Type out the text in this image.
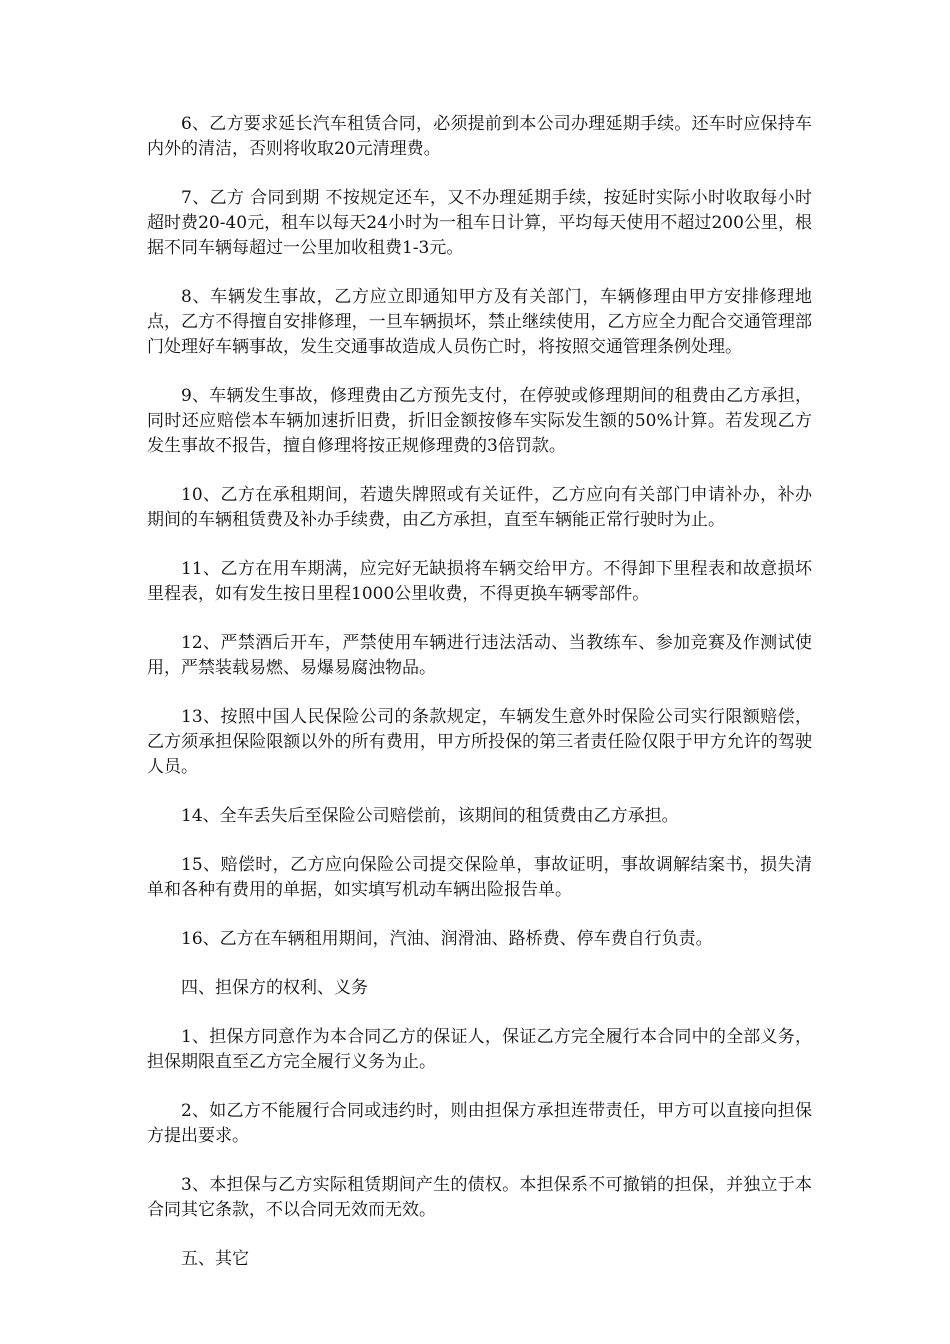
6、乙方要求延长汽车租赁合同，必须提前到本公司办理延期手续。还车时应保持车内外的清洁，否则将收取20元清理费。

7、乙方 合同到期 不按规定还车，又不办理延期手续，按延时实际小时收取每小时超时费20-40元，租车以每天24小时为一租车日计算，平均每天使用不超过200公里，根据不同车辆每超过一公里加收租费1-3元。

8、车辆发生事故，乙方应立即通知甲方及有关部门，车辆修理由甲方安排修理地点，乙方不得擅自安排修理，一旦车辆损坏，禁止继续使用，乙方应全力配合交通管理部门处理好车辆事故，发生交通事故造成人员伤亡时，将按照交通管理条例处理。

9、车辆发生事故，修理费由乙方预先支付，在停驶或修理期间的租费由乙方承担，同时还应赔偿本车辆加速折旧费，折旧金额按修车实际发生额的50%计算。若发现乙方发生事故不报告，擅自修理将按正规修理费的3倍罚款。

10、乙方在承租期间，若遗失牌照或有关证件，乙方应向有关部门申请补办，补办期间的车辆租赁费及补办手续费，由乙方承担，直至车辆能正常行驶时为止。

11、乙方在用车期满，应完好无缺损将车辆交给甲方。不得卸下里程表和故意损坏里程表，如有发生按日里程1000公里收费，不得更换车辆零部件。

12、严禁酒后开车，严禁使用车辆进行违法活动、当教练车、参加竞赛及作测试使用，严禁装载易燃、易爆易腐浊物品。

13、按照中国人民保险公司的条款规定，车辆发生意外时保险公司实行限额赔偿，乙方须承担保险限额以外的所有费用，甲方所投保的第三者责任险仅限于甲方允许的驾驶人员。

14、全车丢失后至保险公司赔偿前，该期间的租赁费由乙方承担。

15、赔偿时，乙方应向保险公司提交保险单，事故证明，事故调解结案书，损失清单和各种有费用的单据，如实填写机动车辆出险报告单。

16、乙方在车辆租用期间，汽油、润滑油、路桥费、停车费自行负责。

四、担保方的权利、义务

1、担保方同意作为本合同乙方的保证人，保证乙方完全履行本合同中的全部义务，担保期限直至乙方完全履行义务为止。

2、如乙方不能履行合同或违约时，则由担保方承担连带责任，甲方可以直接向担保方提出要求。

3、本担保与乙方实际租赁期间产生的债权。本担保系不可撤销的担保，并独立于本合同其它条款，不以合同无效而无效。

五、其它
